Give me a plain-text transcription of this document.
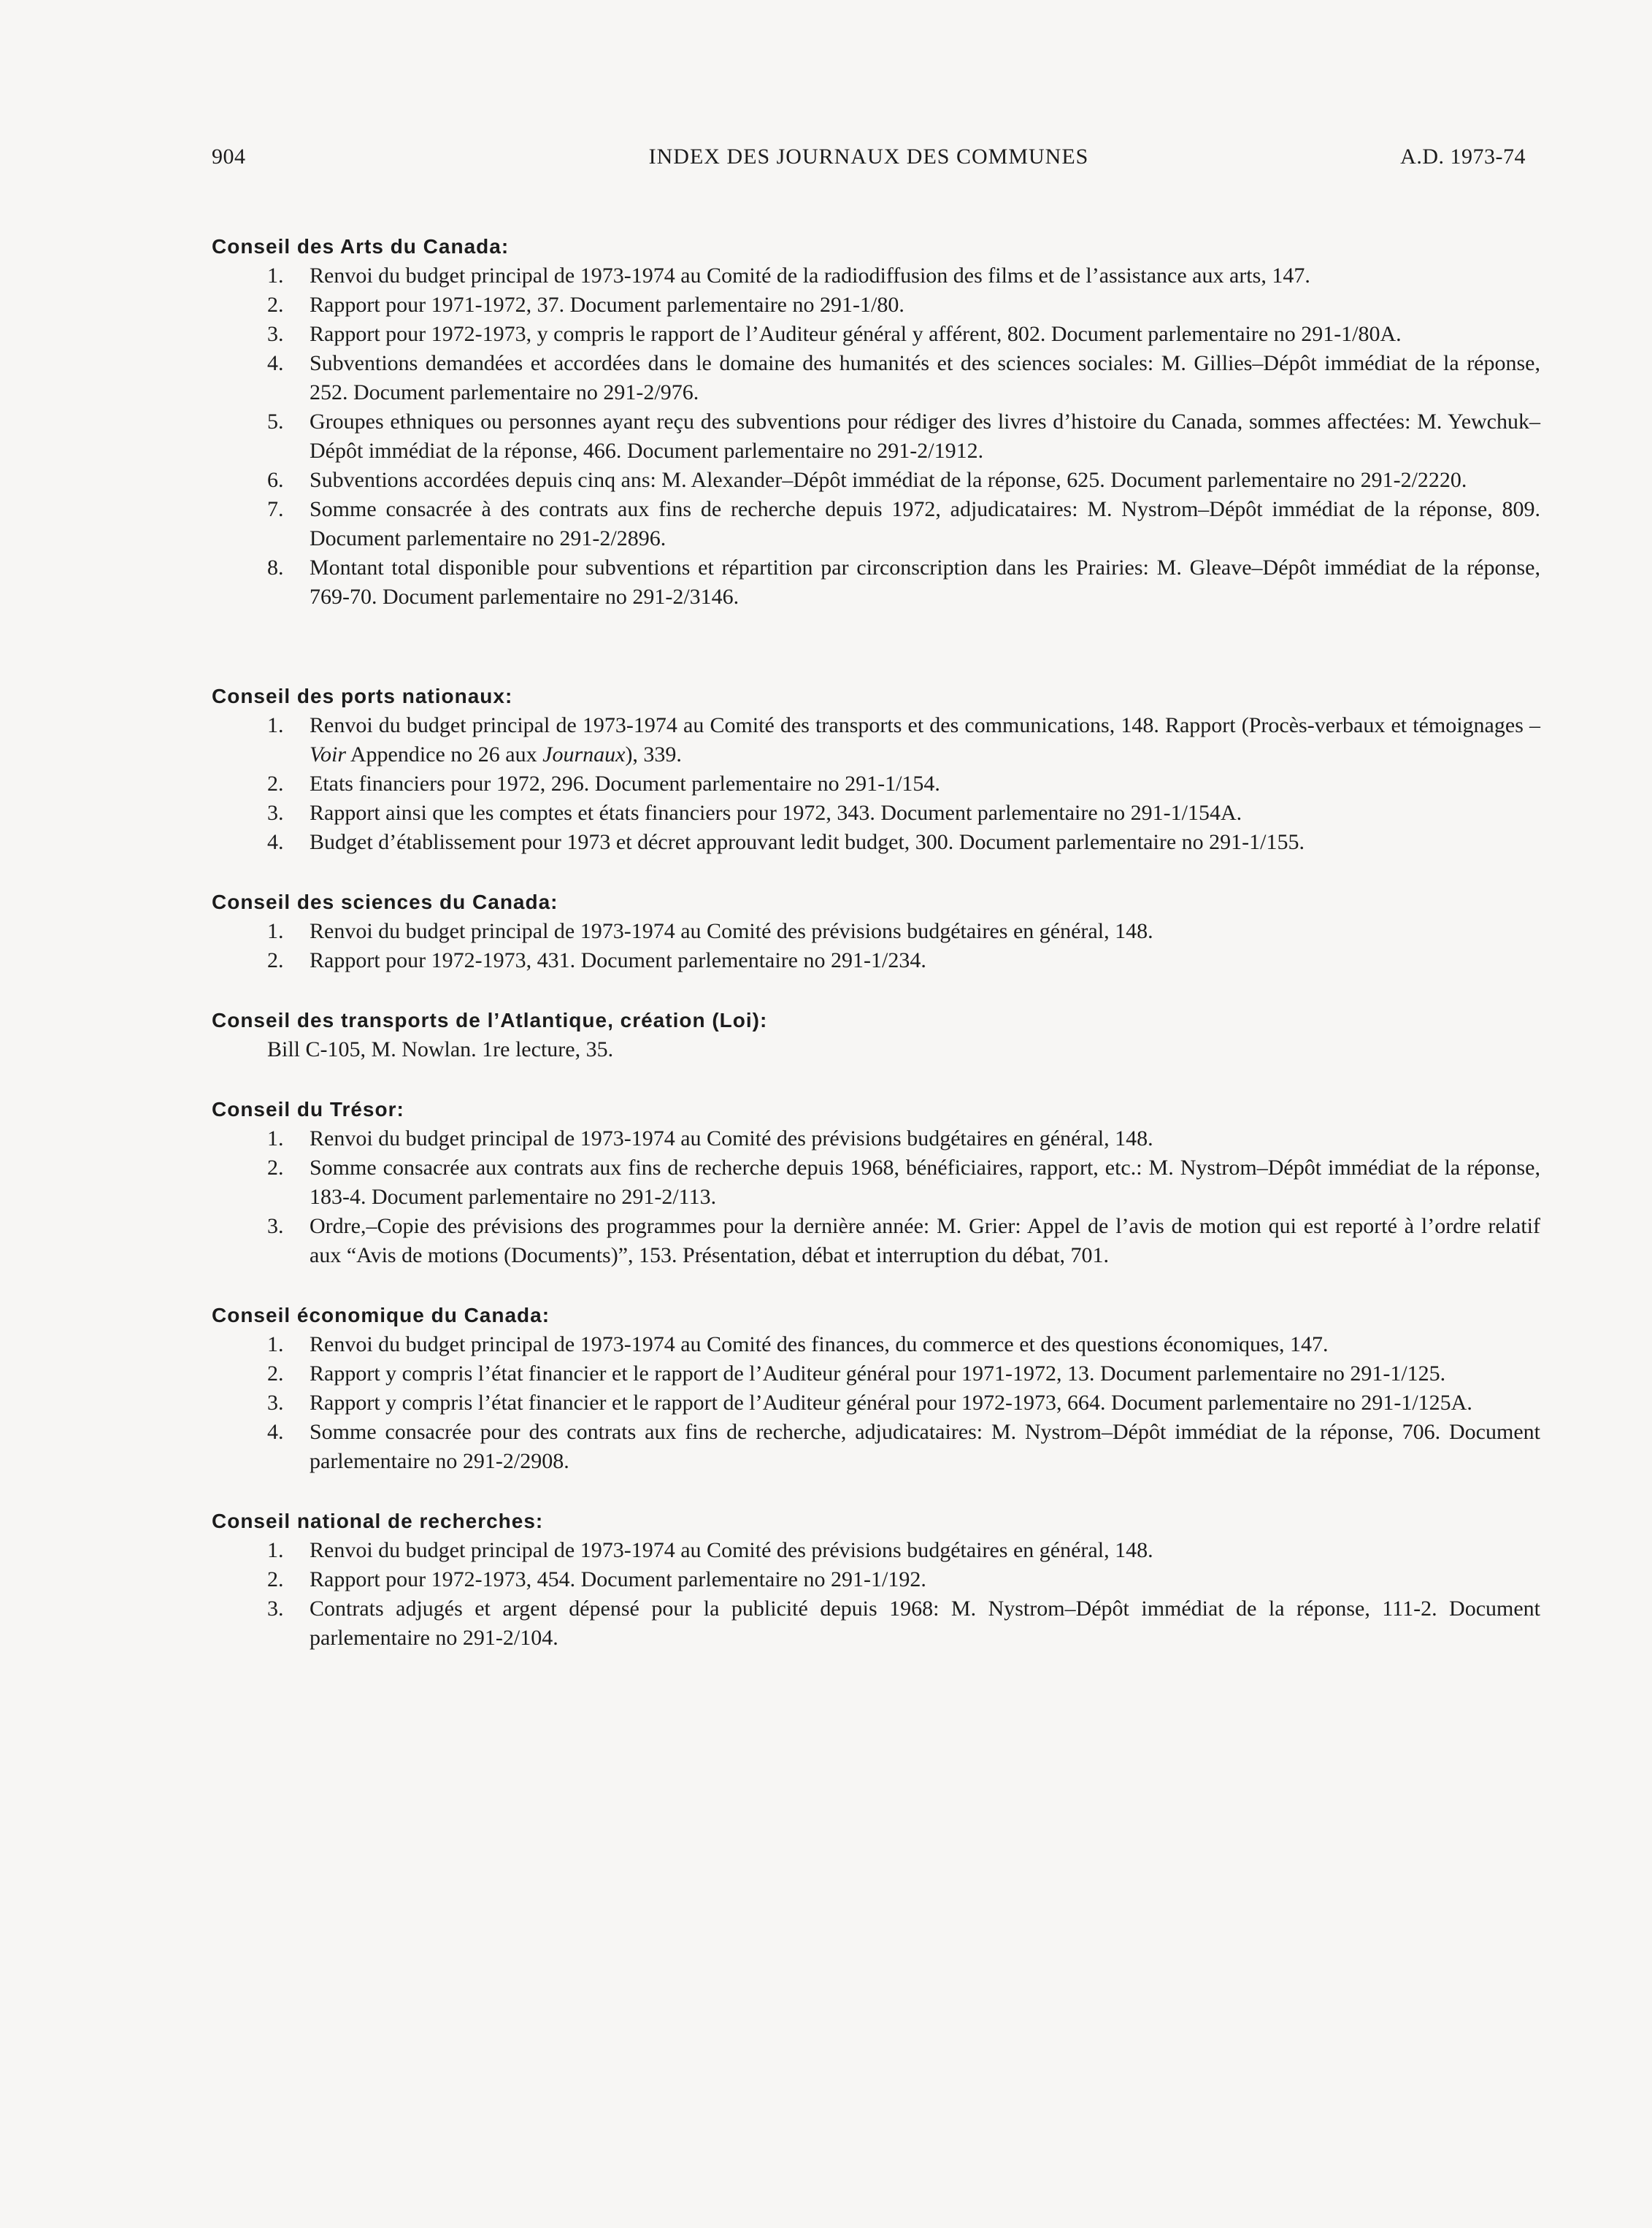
904	INDEX DES JOURNAUX DES COMMUNES	A.D. 1973-74
Conseil des Arts du Canada:
1.	Renvoi du budget principal de 1973-1974 au Comité de la radiodiffusion des films et de l’assistance aux arts, 147.
2.	Rapport pour 1971-1972, 37. Document parlementaire no 291-1/80.
3.	Rapport pour 1972-1973, y compris le rapport de l’Auditeur général y afférent, 802. Document parlementaire no 291-1/80A.
4.	Subventions demandées et accordées dans le domaine des humanités et des sciences sociales: M. Gillies–Dépôt immédiat de la réponse, 252. Document parlementaire no 291-2/976.
5.	Groupes ethniques ou personnes ayant reçu des subventions pour rédiger des livres d’histoire du Canada, sommes affectées: M. Yewchuk–Dépôt immédiat de la réponse, 466. Document parlementaire no 291-2/1912.
6.	Subventions accordées depuis cinq ans: M. Alexander–Dépôt immédiat de la réponse, 625. Document parlementaire no 291-2/2220.
7.	Somme consacrée à des contrats aux fins de recherche depuis 1972, adjudicataires: M. Nystrom–Dépôt immédiat de la réponse, 809. Document parlementaire no 291-2/2896.
8.	Montant total disponible pour subventions et répartition par circonscription dans les Prairies: M. Gleave–Dépôt immédiat de la réponse, 769-70. Document parlementaire no 291-2/3146.
Conseil des ports nationaux:
1.	Renvoi du budget principal de 1973-1974 au Comité des transports et des communications, 148. Rapport (Procès-verbaux et témoignages – Voir Appendice no 26 aux Journaux), 339.
2.	Etats financiers pour 1972, 296. Document parlementaire no 291-1/154.
3.	Rapport ainsi que les comptes et états financiers pour 1972, 343. Document parlementaire no 291-1/154A.
4.	Budget d’établissement pour 1973 et décret approuvant ledit budget, 300. Document parlementaire no 291-1/155.
Conseil des sciences du Canada:
1.	Renvoi du budget principal de 1973-1974 au Comité des prévisions budgétaires en général, 148.
2.	Rapport pour 1972-1973, 431. Document parlementaire no 291-1/234.
Conseil des transports de l’Atlantique, création (Loi):
Bill C-105, M. Nowlan. 1re lecture, 35.
Conseil du Trésor:
1.	Renvoi du budget principal de 1973-1974 au Comité des prévisions budgétaires en général, 148.
2.	Somme consacrée aux contrats aux fins de recherche depuis 1968, bénéficiaires, rapport, etc.: M. Nystrom–Dépôt immédiat de la réponse, 183-4. Document parlementaire no 291-2/113.
3.	Ordre,–Copie des prévisions des programmes pour la dernière année: M. Grier: Appel de l’avis de motion qui est reporté à l’ordre relatif aux “Avis de motions (Documents)”, 153. Présentation, débat et interruption du débat, 701.
Conseil économique du Canada:
1.	Renvoi du budget principal de 1973-1974 au Comité des finances, du commerce et des questions économiques, 147.
2.	Rapport y compris l’état financier et le rapport de l’Auditeur général pour 1971-1972, 13. Document parlementaire no 291-1/125.
3.	Rapport y compris l’état financier et le rapport de l’Auditeur général pour 1972-1973, 664. Document parlementaire no 291-1/125A.
4.	Somme consacrée pour des contrats aux fins de recherche, adjudicataires: M. Nystrom–Dépôt immédiat de la réponse, 706. Document parlementaire no 291-2/2908.
Conseil national de recherches:
1.	Renvoi du budget principal de 1973-1974 au Comité des prévisions budgétaires en général, 148.
2.	Rapport pour 1972-1973, 454. Document parlementaire no 291-1/192.
3.	Contrats adjugés et argent dépensé pour la publicité depuis 1968: M. Nystrom–Dépôt immédiat de la réponse, 111-2. Document parlementaire no 291-2/104.
